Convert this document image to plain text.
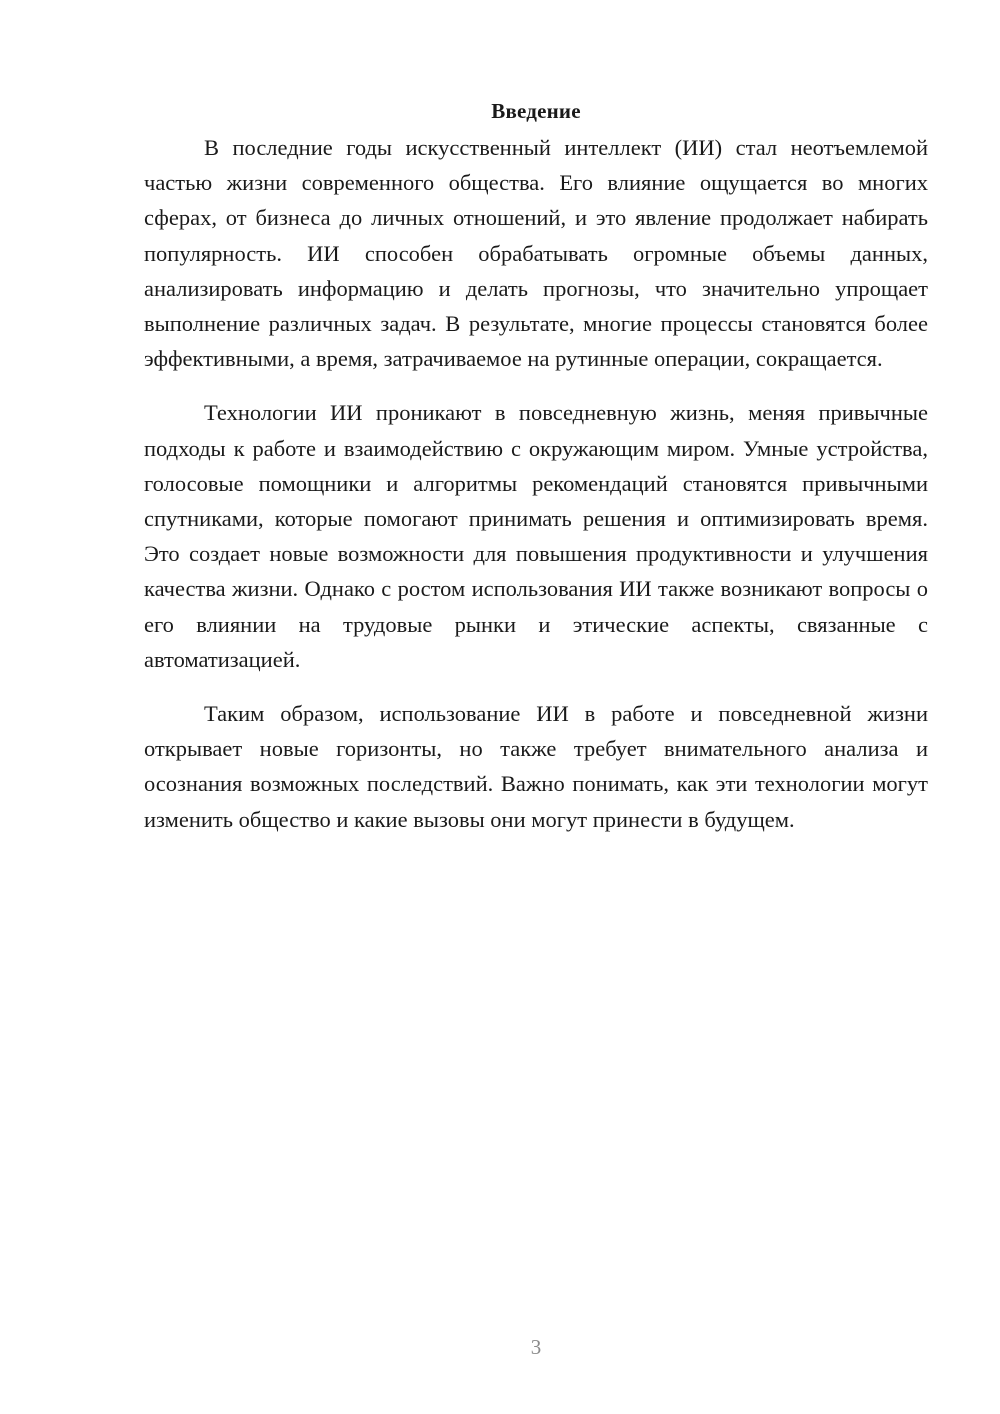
Введение

В последние годы искусственный интеллект (ИИ) стал неотъемлемой частью жизни современного общества. Его влияние ощущается во многих сферах, от бизнеса до личных отношений, и это явление продолжает набирать популярность. ИИ способен обрабатывать огромные объемы данных, анализировать информацию и делать прогнозы, что значительно упрощает выполнение различных задач. В результате, многие процессы становятся более эффективными, а время, затрачиваемое на рутинные операции, сокращается.

Технологии ИИ проникают в повседневную жизнь, меняя привычные подходы к работе и взаимодействию с окружающим миром. Умные устройства, голосовые помощники и алгоритмы рекомендаций становятся привычными спутниками, которые помогают принимать решения и оптимизировать время. Это создает новые возможности для повышения продуктивности и улучшения качества жизни. Однако с ростом использования ИИ также возникают вопросы о его влиянии на трудовые рынки и этические аспекты, связанные с автоматизацией.

Таким образом, использование ИИ в работе и повседневной жизни открывает новые горизонты, но также требует внимательного анализа и осознания возможных последствий. Важно понимать, как эти технологии могут изменить общество и какие вызовы они могут принести в будущем.

3
